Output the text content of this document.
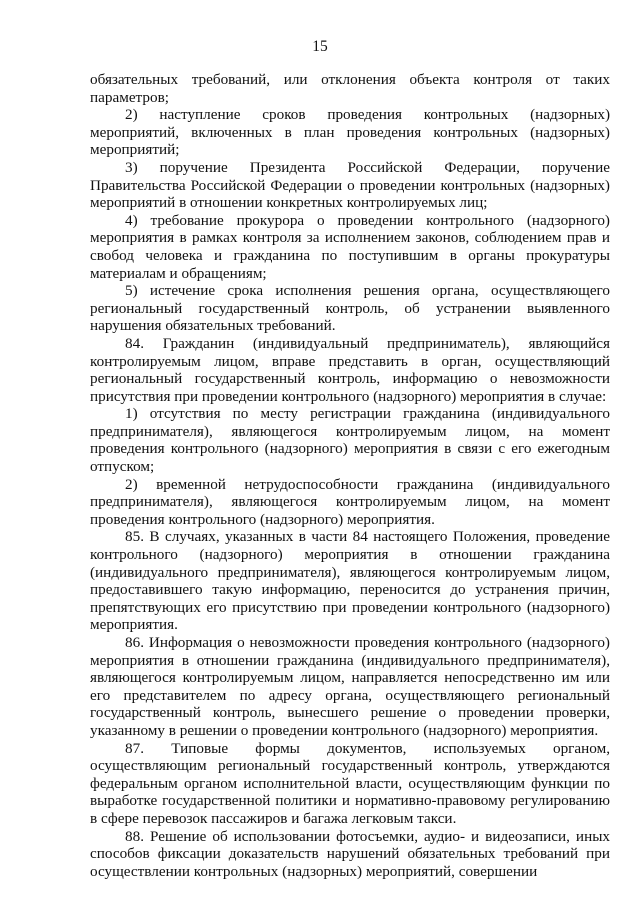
15

обязательных требований, или отклонения объекта контроля от таких параметров;

2) наступление сроков проведения контрольных (надзорных) мероприятий, включенных в план проведения контрольных (надзорных) мероприятий;

3) поручение Президента Российской Федерации, поручение Правительства Российской Федерации о проведении контрольных (надзорных) мероприятий в отношении конкретных контролируемых лиц;

4) требование прокурора о проведении контрольного (надзорного) мероприятия в рамках контроля за исполнением законов, соблюдением прав и свобод человека и гражданина по поступившим в органы прокуратуры материалам и обращениям;

5) истечение срока исполнения решения органа, осуществляющего региональный государственный контроль, об устранении выявленного нарушения обязательных требований.

84. Гражданин (индивидуальный предприниматель), являющийся контролируемым лицом, вправе представить в орган, осуществляющий региональный государственный контроль, информацию о невозможности присутствия при проведении контрольного (надзорного) мероприятия в случае:

1) отсутствия по месту регистрации гражданина (индивидуального предпринимателя), являющегося контролируемым лицом, на момент проведения контрольного (надзорного) мероприятия в связи с его ежегодным отпуском;

2) временной нетрудоспособности гражданина (индивидуального предпринимателя), являющегося контролируемым лицом, на момент проведения контрольного (надзорного) мероприятия.

85. В случаях, указанных в части 84 настоящего Положения, проведение контрольного (надзорного) мероприятия в отношении гражданина (индивидуального предпринимателя), являющегося контролируемым лицом, предоставившего такую информацию, переносится до устранения причин, препятствующих его присутствию при проведении контрольного (надзорного) мероприятия.

86. Информация о невозможности проведения контрольного (надзорного) мероприятия в отношении гражданина (индивидуального предпринимателя), являющегося контролируемым лицом, направляется непосредственно им или его представителем по адресу органа, осуществляющего региональный государственный контроль, вынесшего решение о проведении проверки, указанному в решении о проведении контрольного (надзорного) мероприятия.

87. Типовые формы документов, используемых органом, осуществляющим региональный государственный контроль, утверждаются федеральным органом исполнительной власти, осуществляющим функции по выработке государственной политики и нормативно-правовому регулированию в сфере перевозок пассажиров и багажа легковым такси.

88. Решение об использовании фотосъемки, аудио- и видеозаписи, иных способов фиксации доказательств нарушений обязательных требований при осуществлении контрольных (надзорных) мероприятий, совершении
